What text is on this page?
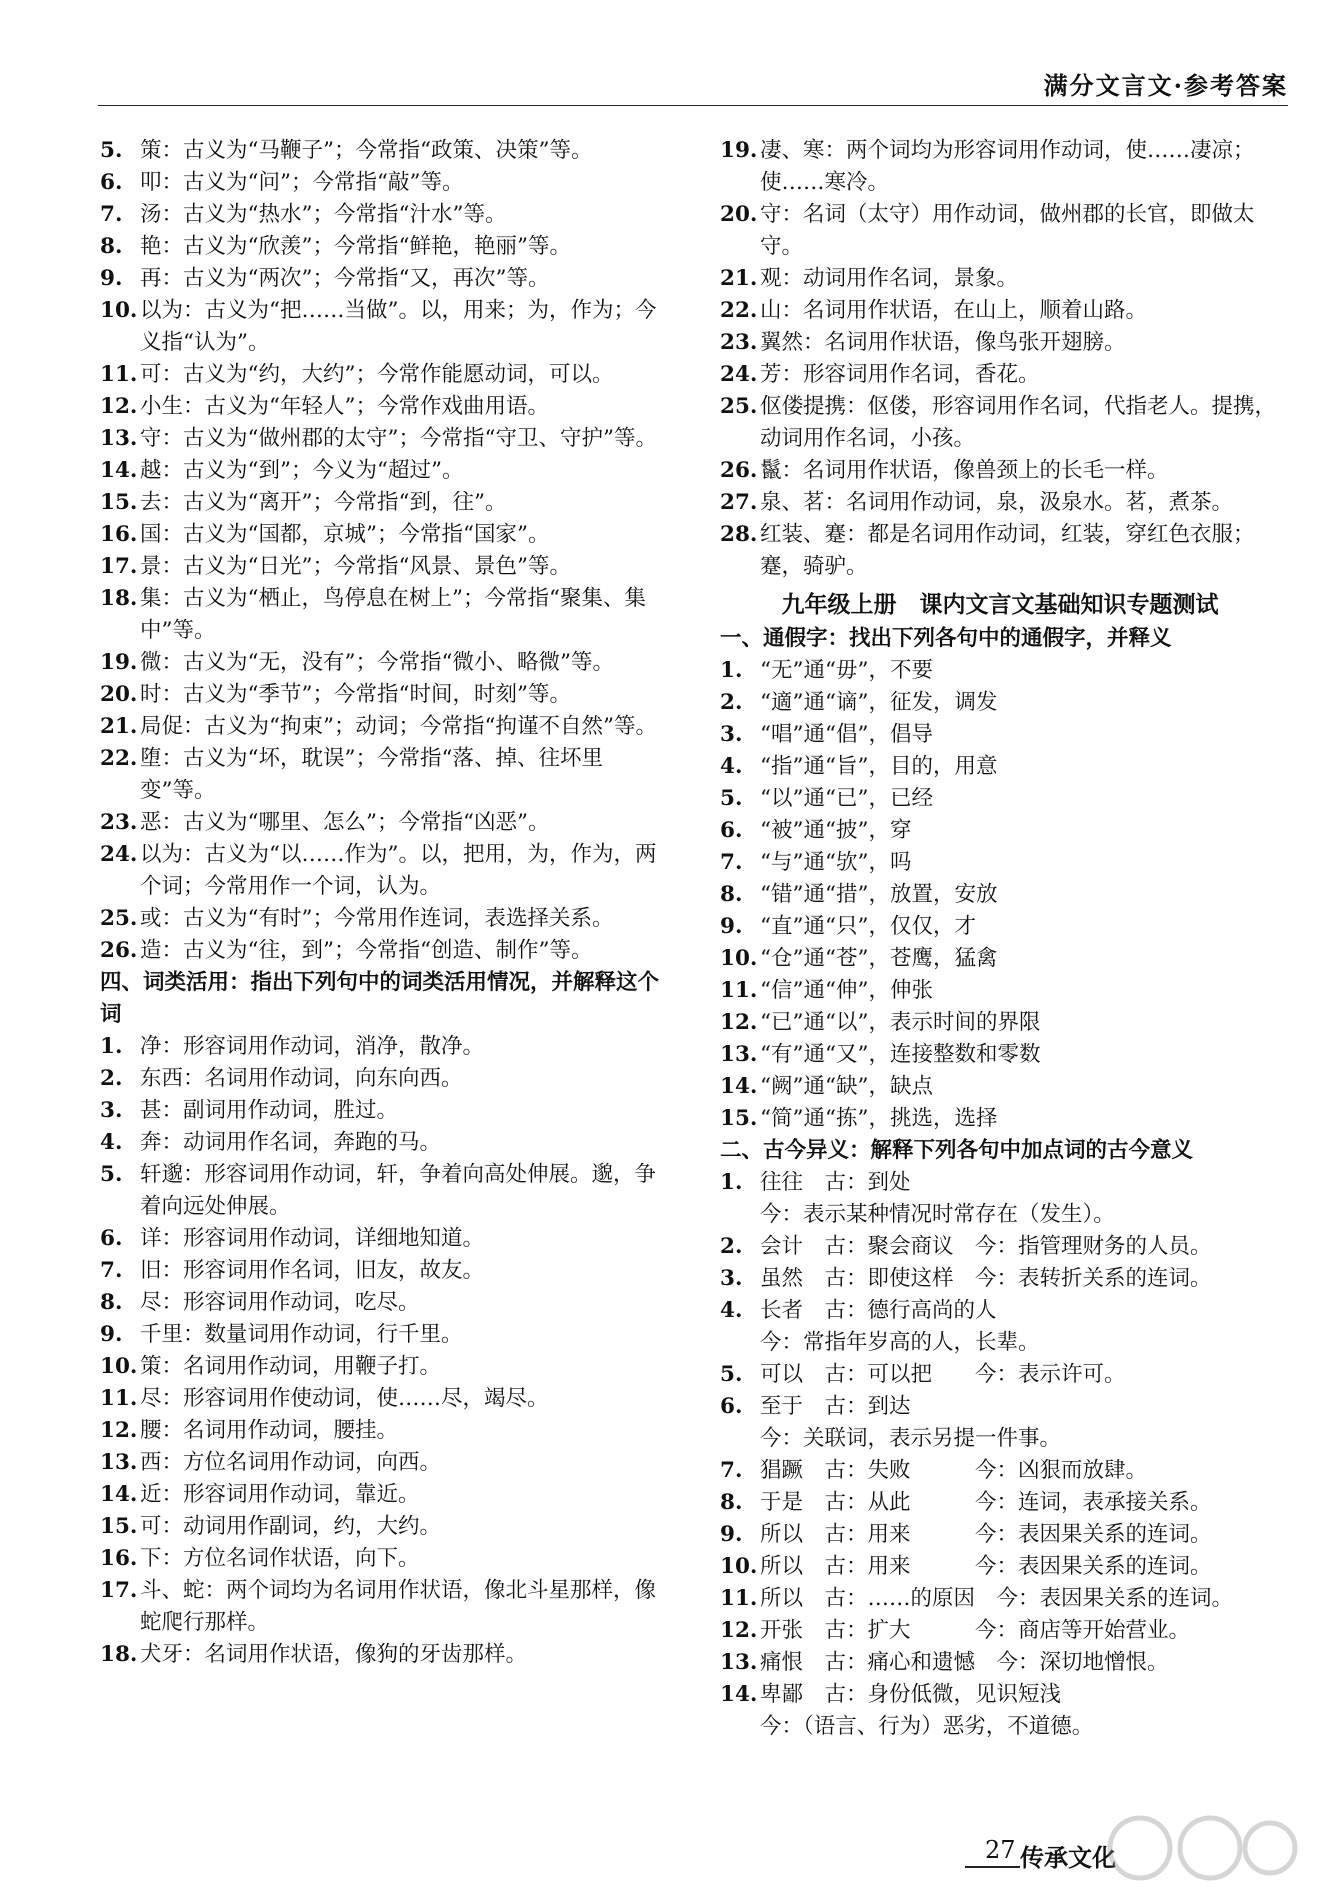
满分文言文·参考答案
5. 策：古义为“马鞭子”；今常指“政策、决策”等。
6. 叩：古义为“问”；今常指“敲”等。
7. 汤：古义为“热水”；今常指“汁水”等。
8. 艳：古义为“欣羡”；今常指“鲜艳，艳丽”等。
9. 再：古义为“两次”；今常指“又，再次”等。
10. 以为：古义为“把……当做”。以，用来；为，作为；今义指“认为”。
11. 可：古义为“约，大约”；今常作能愿动词，可以。
12. 小生：古义为“年轻人”；今常作戏曲用语。
13. 守：古义为“做州郡的太守”；今常指“守卫、守护”等。
14. 越：古义为“到”；今义为“超过”。
15. 去：古义为“离开”；今常指“到，往”。
16. 国：古义为“国都，京城”；今常指“国家”。
17. 景：古义为“日光”；今常指“风景、景色”等。
18. 集：古义为“栖止，鸟停息在树上”；今常指“聚集、集中”等。
19. 微：古义为“无，没有”；今常指“微小、略微”等。
20. 时：古义为“季节”；今常指“时间，时刻”等。
21. 局促：古义为“拘束”；动词；今常指“拘谨不自然”等。
22. 堕：古义为“坏，耽误”；今常指“落、掉、往坏里变”等。
23. 恶：古义为“哪里、怎么”；今常指“凶恶”。
24. 以为：古义为“以……作为”。以，把用，为，作为，两个词；今常用作一个词，认为。
25. 或：古义为“有时”；今常用作连词，表选择关系。
26. 造：古义为“往，到”；今常指“创造、制作”等。
四、词类活用：指出下列句中的词类活用情况，并解释这个词
1. 净：形容词用作动词，消净，散净。
2. 东西：名词用作动词，向东向西。
3. 甚：副词用作动词，胜过。
4. 奔：动词用作名词，奔跑的马。
5. 轩邈：形容词用作动词，轩，争着向高处伸展。邈，争着向远处伸展。
6. 详：形容词用作动词，详细地知道。
7. 旧：形容词用作名词，旧友，故友。
8. 尽：形容词用作动词，吃尽。
9. 千里：数量词用作动词，行千里。
10. 策：名词用作动词，用鞭子打。
11. 尽：形容词用作使动词，使……尽，竭尽。
12. 腰：名词用作动词，腰挂。
13. 西：方位名词用作动词，向西。
14. 近：形容词用作动词，靠近。
15. 可：动词用作副词，约，大约。
16. 下：方位名词作状语，向下。
17. 斗、蛇：两个词均为名词用作状语，像北斗星那样，像蛇爬行那样。
18. 犬牙：名词用作状语，像狗的牙齿那样。
19. 凄、寒：两个词均为形容词用作动词，使……凄凉；使……寒冷。
20. 守：名词（太守）用作动词，做州郡的长官，即做太守。
21. 观：动词用作名词，景象。
22. 山：名词用作状语，在山上，顺着山路。
23. 翼然：名词用作状语，像鸟张开翅膀。
24. 芳：形容词用作名词，香花。
25. 伛偻提携：伛偻，形容词用作名词，代指老人。提携，动词用作名词，小孩。
26. 鬣：名词用作状语，像兽颈上的长毛一样。
27. 泉、茗：名词用作动词，泉，汲泉水。茗，煮茶。
28. 红装、蹇：都是名词用作动词，红装，穿红色衣服；蹇，骑驴。
九年级上册　课内文言文基础知识专题测试
一、通假字：找出下列各句中的通假字，并释义
1. “无”通“毋”，不要
2. “適”通“谪”，征发，调发
3. “唱”通“倡”，倡导
4. “指”通“旨”，目的，用意
5. “以”通“已”，已经
6. “被”通“披”，穿
7. “与”通“欤”，吗
8. “错”通“措”，放置，安放
9. “直”通“只”，仅仅，才
10. “仓”通“苍”，苍鹰，猛禽
11. “信”通“伸”，伸张
12. “已”通“以”，表示时间的界限
13. “有”通“又”，连接整数和零数
14. “阙”通“缺”，缺点
15. “简”通“拣”，挑选，选择
二、古今异义：解释下列各句中加点词的古今意义
1. 往往　古：到处
今：表示某种情况时常存在（发生）。
2. 会计　古：聚会商议　今：指管理财务的人员。
3. 虽然　古：即使这样　今：表转折关系的连词。
4. 长者　古：德行高尚的人
今：常指年岁高的人，长辈。
5. 可以　古：可以把　　今：表示许可。
6. 至于　古：到达
今：关联词，表示另提一件事。
7. 猖蹶　古：失败　　　今：凶狠而放肆。
8. 于是　古：从此　　　今：连词，表承接关系。
9. 所以　古：用来　　　今：表因果关系的连词。
10. 所以　古：用来　　　今：表因果关系的连词。
11. 所以　古：……的原因　今：表因果关系的连词。
12. 开张　古：扩大　　　今：商店等开始营业。
13. 痛恨　古：痛心和遗憾　今：深切地憎恨。
14. 卑鄙　古：身份低微，见识短浅
今：（语言、行为）恶劣，不道德。
27 传承文化
